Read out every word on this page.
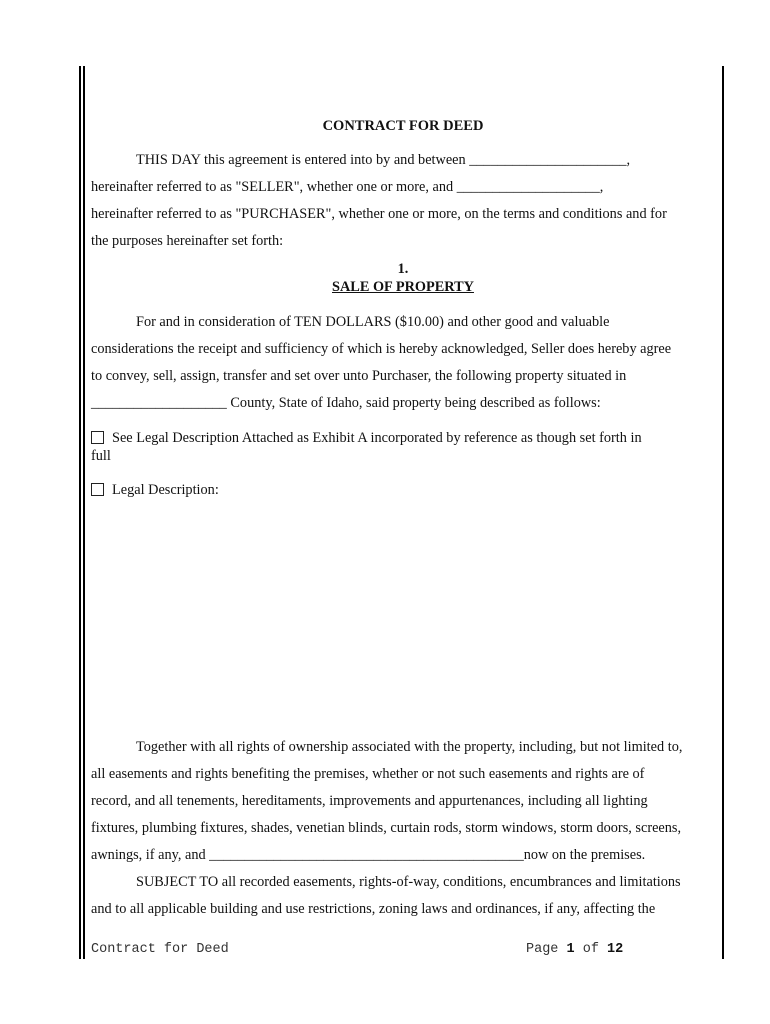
CONTRACT FOR DEED
THIS DAY this agreement is entered into by and between ______________________,
hereinafter referred to as "SELLER", whether one or more, and ____________________,
hereinafter referred to as "PURCHASER", whether one or more, on the terms and conditions and for
the purposes hereinafter set forth:
1.
SALE OF PROPERTY
For and in consideration of TEN DOLLARS ($10.00) and other good and valuable
considerations the receipt and sufficiency of which is hereby acknowledged, Seller does hereby agree
to convey, sell, assign, transfer and set over unto Purchaser, the following property situated in
___________________ County, State of Idaho, said property being described as follows:
See Legal Description Attached as Exhibit A incorporated by reference as though set forth in
full
Legal Description:
Together with all rights of ownership associated with the property, including, but not limited to,
all easements and rights benefiting the premises, whether or not such easements and rights are of
record, and all tenements, hereditaments, improvements and appurtenances, including all lighting
fixtures, plumbing fixtures, shades, venetian blinds, curtain rods, storm windows, storm doors, screens,
awnings, if any, and ____________________________________________now on the premises.
SUBJECT TO all recorded easements, rights-of-way, conditions, encumbrances and limitations
and to all applicable building and use restrictions, zoning laws and ordinances, if any, affecting the
Contract for Deed	Page 1 of 12
